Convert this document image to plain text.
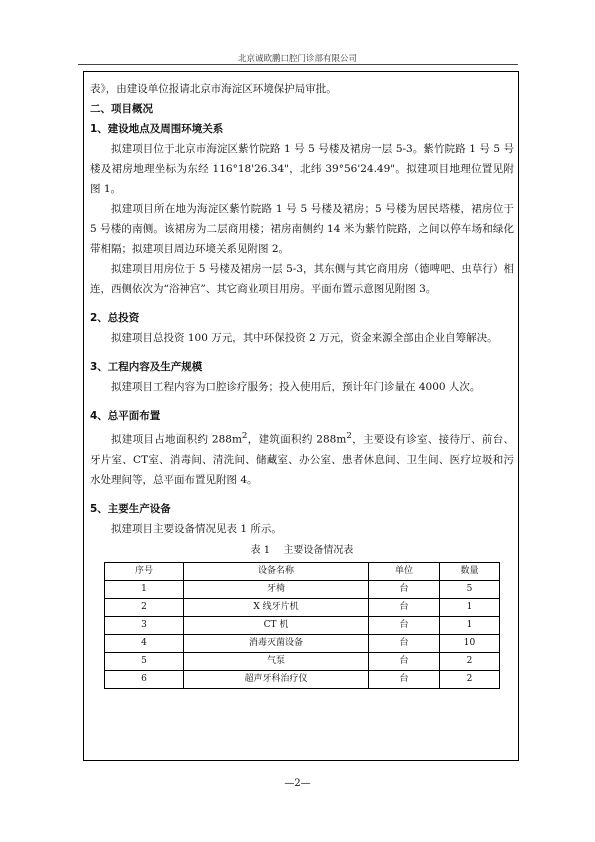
北京诚欧鹏口腔门诊部有限公司

表》，由建设单位报请北京市海淀区环境保护局审批。

二、项目概况

1、建设地点及周围环境关系

拟建项目位于北京市海淀区紫竹院路 1 号 5 号楼及裙房一层 5-3。紫竹院路 1 号 5 号楼及裙房地理坐标为东经 116°18'26.34"，北纬 39°56'24.49"。拟建项目地理位置见附图 1。

拟建项目所在地为海淀区紫竹院路 1 号 5 号楼及裙房；5 号楼为居民塔楼，裙房位于 5 号楼的南侧。该裙房为二层商用楼；裙房南侧约 14 米为紫竹院路，之间以停车场和绿化带相隔；拟建项目周边环境关系见附图 2。

拟建项目用房位于 5 号楼及裙房一层 5-3，其东侧与其它商用房（德啤吧、虫草行）相连，西侧依次为“浴神宫”、其它商业项目用房。平面布置示意图见附图 3。

2、总投资

拟建项目总投资 100 万元，其中环保投资 2 万元，资金来源全部由企业自筹解决。

3、工程内容及生产规模

拟建项目工程内容为口腔诊疗服务；投入使用后，预计年门诊量在 4000 人次。

4、总平面布置

拟建项目占地面积约 $288m^2$，建筑面积约 $288m^2$，主要设有诊室、接待厅、前台、牙片室、CT室、消毒间、清洗间、储藏室、办公室、患者休息间、卫生间、医疗垃圾和污水处理间等，总平面布置见附图 4。

5、主要生产设备

拟建项目主要设备情况见表 1 所示。

表 1　 主要设备情况表
序号	设备名称	单位	数量
1	牙椅	台	5
2	X 线牙片机	台	1
3	CT 机	台	1
4	消毒灭菌设备	台	10
5	气泵	台	2
6	超声牙科治疗仪	台	2
—2—
